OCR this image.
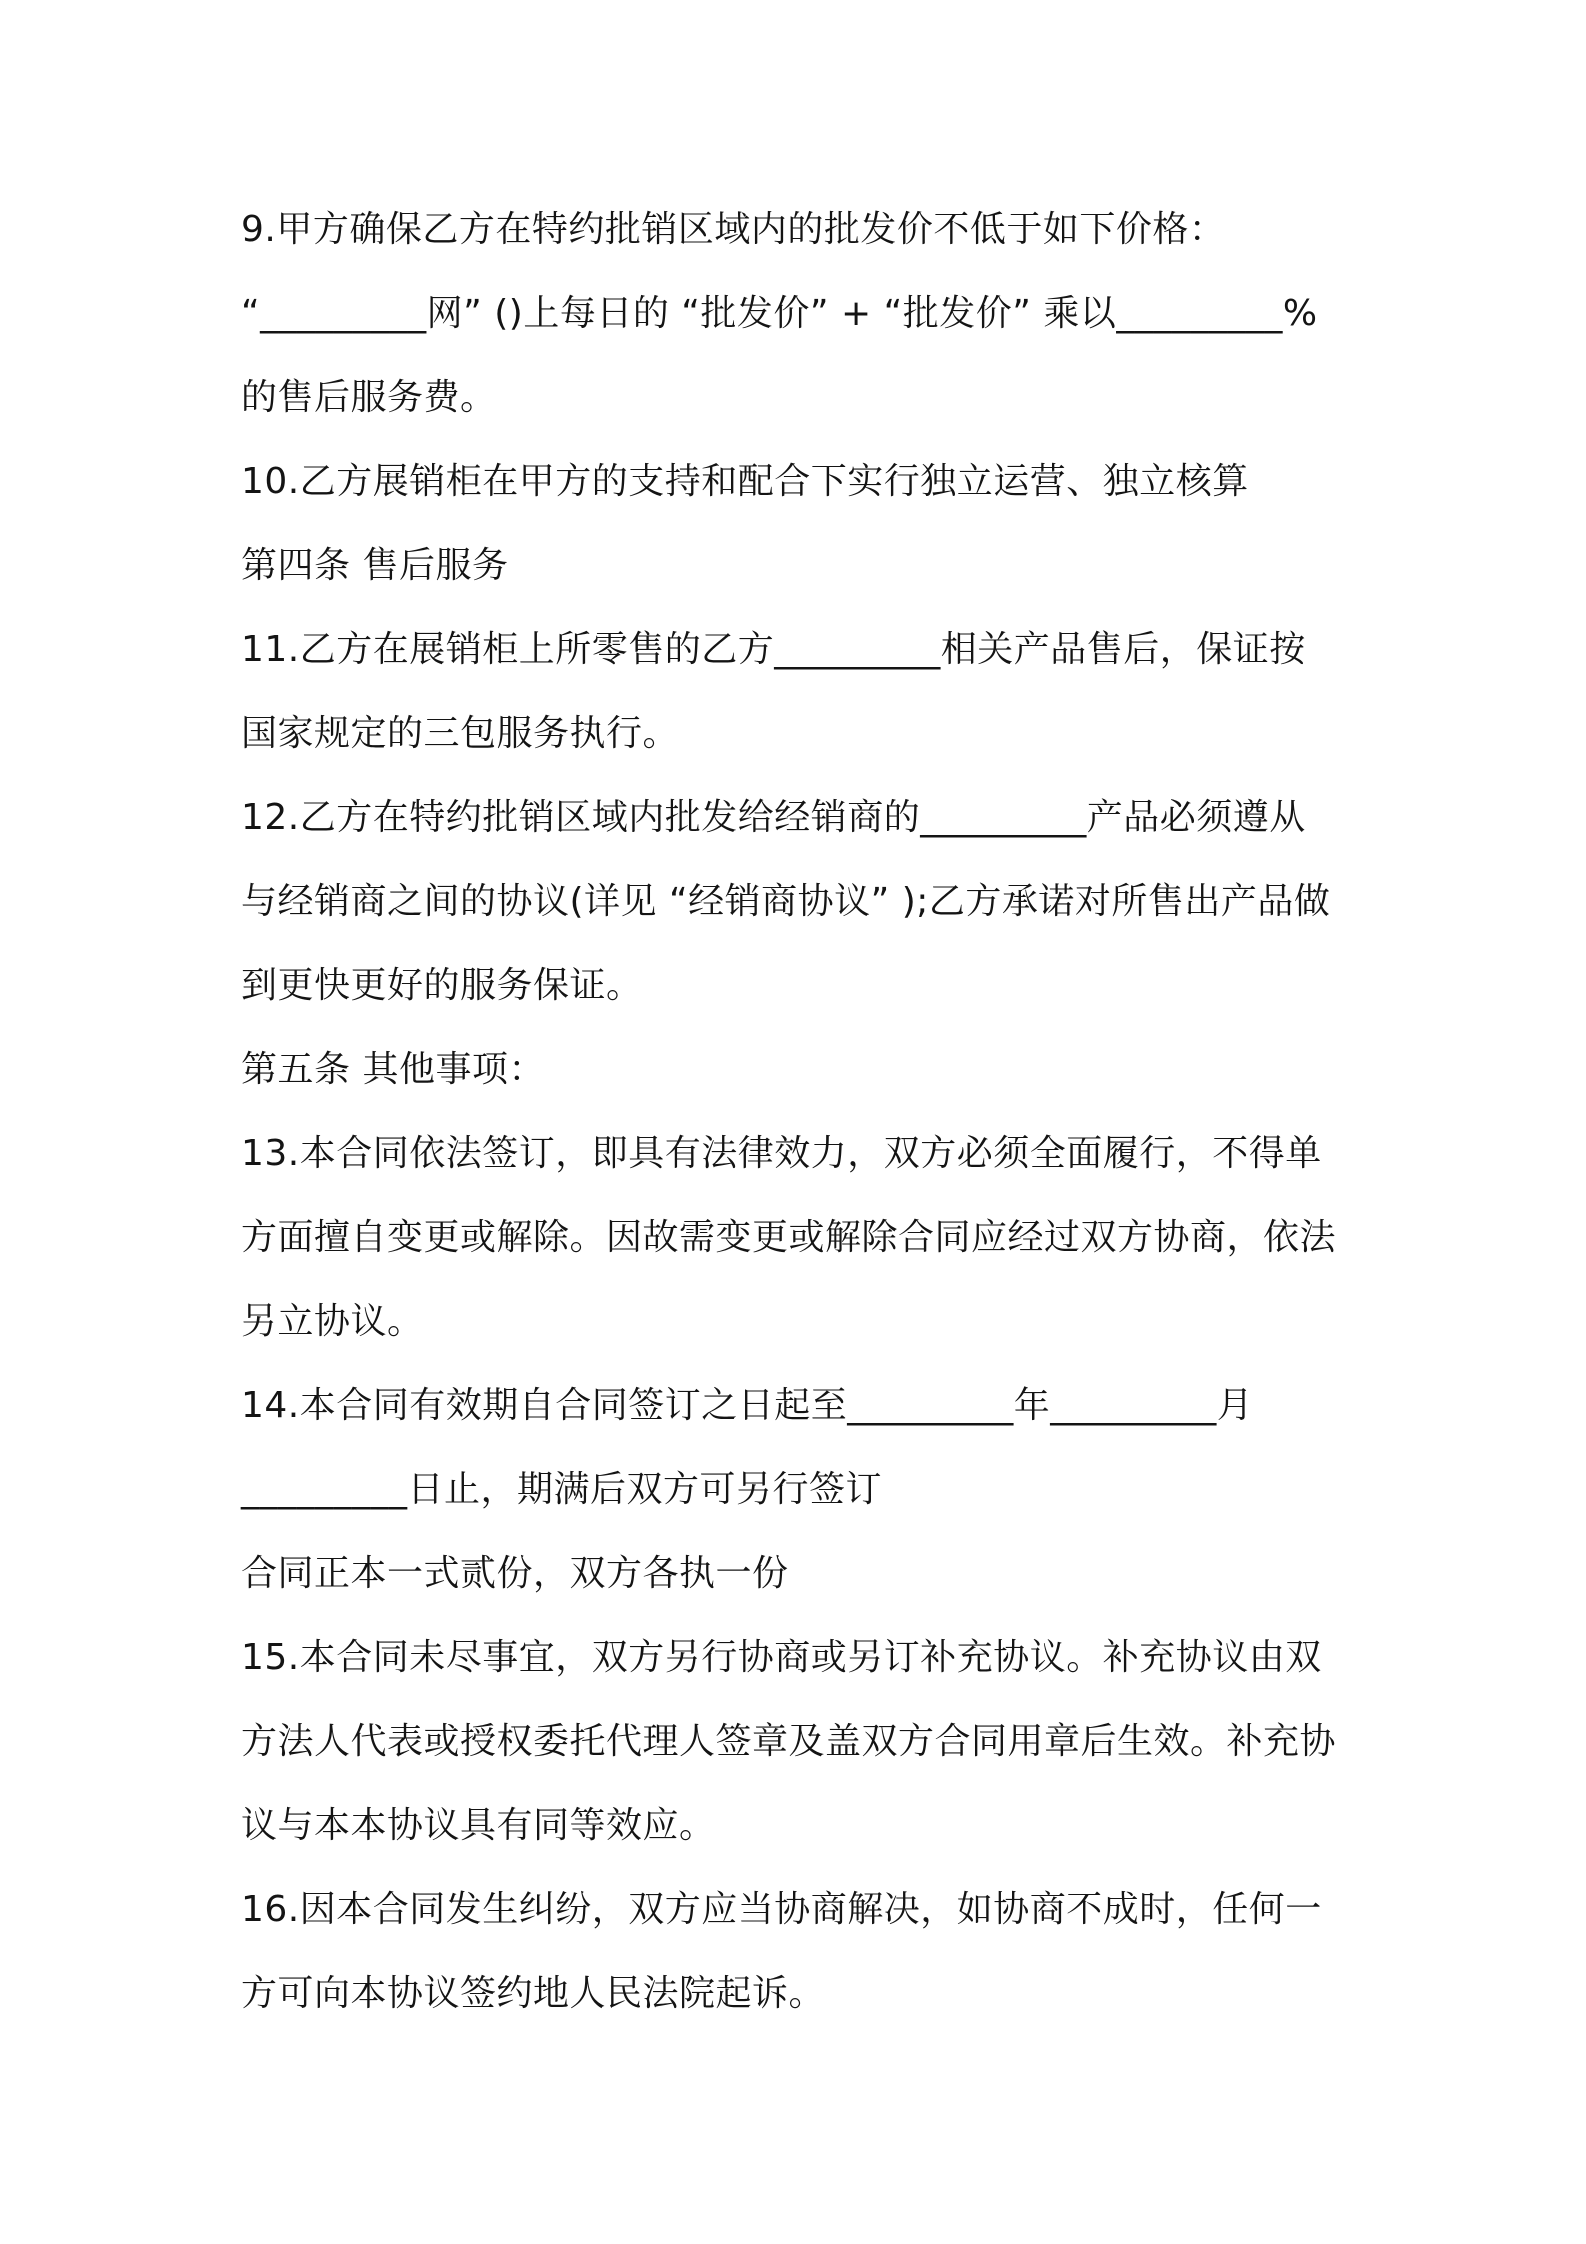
9.甲方确保乙方在特约批销区域内的批发价不低于如下价格：
“_________网” ()上每日的 “批发价” + “批发价” 乘以_________%
的售后服务费。
10.乙方展销柜在甲方的支持和配合下实行独立运营、独立核算
第四条 售后服务
11.乙方在展销柜上所零售的乙方_________相关产品售后，保证按
国家规定的三包服务执行。
12.乙方在特约批销区域内批发给经销商的_________产品必须遵从
与经销商之间的协议(详见 “经销商协议” );乙方承诺对所售出产品做
到更快更好的服务保证。
第五条 其他事项：
13.本合同依法签订，即具有法律效力，双方必须全面履行，不得单
方面擅自变更或解除。因故需变更或解除合同应经过双方协商，依法
另立协议。
14.本合同有效期自合同签订之日起至_________年_________月
_________日止，期满后双方可另行签订
合同正本一式贰份，双方各执一份
15.本合同未尽事宜，双方另行协商或另订补充协议。补充协议由双
方法人代表或授权委托代理人签章及盖双方合同用章后生效。补充协
议与本本协议具有同等效应。
16.因本合同发生纠纷，双方应当协商解决，如协商不成时，任何一
方可向本协议签约地人民法院起诉。
